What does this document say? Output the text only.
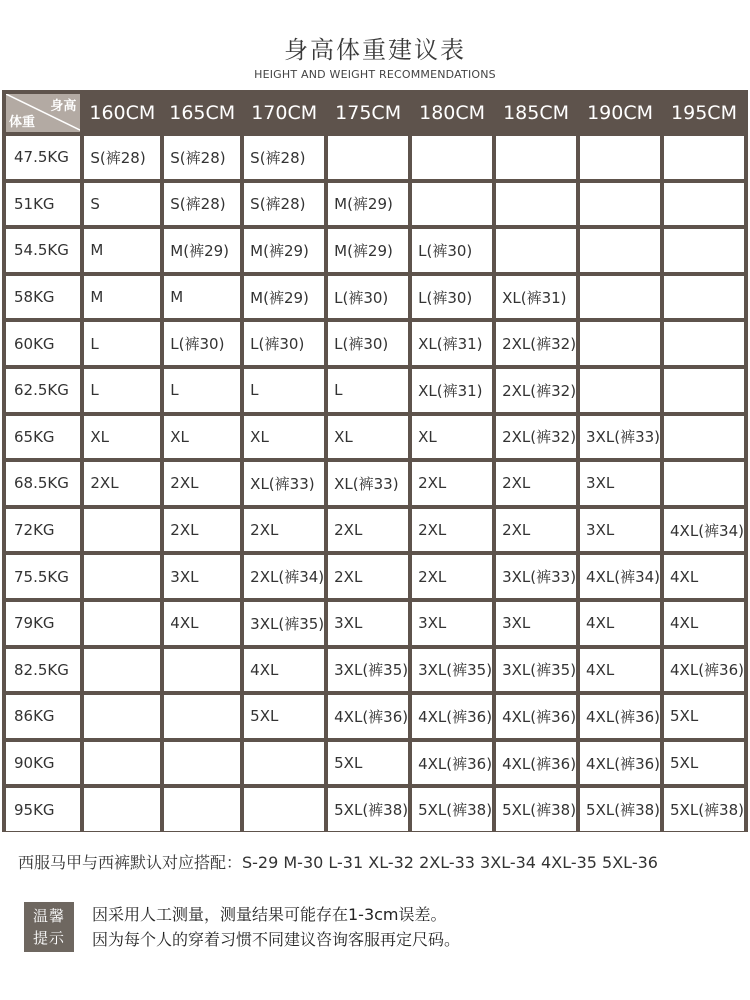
身高体重建议表
HEIGHT AND WEIGHT RECOMMENDATIONS
身高
体重	160CM	165CM	170CM	175CM	180CM	185CM	190CM	195CM
47.5KG	S(裤28)	S(裤28)	S(裤28)					
51KG	S	S(裤28)	S(裤28)	M(裤29)				
54.5KG	M	M(裤29)	M(裤29)	M(裤29)	L(裤30)			
58KG	M	M	M(裤29)	L(裤30)	L(裤30)	XL(裤31)		
60KG	L	L(裤30)	L(裤30)	L(裤30)	XL(裤31)	2XL(裤32)		
62.5KG	L	L	L	L	XL(裤31)	2XL(裤32)		
65KG	XL	XL	XL	XL	XL	2XL(裤32)	3XL(裤33)	
68.5KG	2XL	2XL	XL(裤33)	XL(裤33)	2XL	2XL	3XL	
72KG		2XL	2XL	2XL	2XL	2XL	3XL	4XL(裤34)
75.5KG		3XL	2XL(裤34)	2XL	2XL	3XL(裤33)	4XL(裤34)	4XL
79KG		4XL	3XL(裤35)	3XL	3XL	3XL	4XL	4XL
82.5KG			4XL	3XL(裤35)	3XL(裤35)	3XL(裤35)	4XL	4XL(裤36)
86KG			5XL	4XL(裤36)	4XL(裤36)	4XL(裤36)	4XL(裤36)	5XL
90KG				5XL	4XL(裤36)	4XL(裤36)	4XL(裤36)	5XL
95KG				5XL(裤38)	5XL(裤38)	5XL(裤38)	5XL(裤38)	5XL(裤38)
西服马甲与西裤默认对应搭配：S-29 M-30 L-31 XL-32 2XL-33 3XL-34 4XL-35 5XL-36
温馨
提示
因采用人工测量，测量结果可能存在1-3cm误差。
因为每个人的穿着习惯不同建议咨询客服再定尺码。
